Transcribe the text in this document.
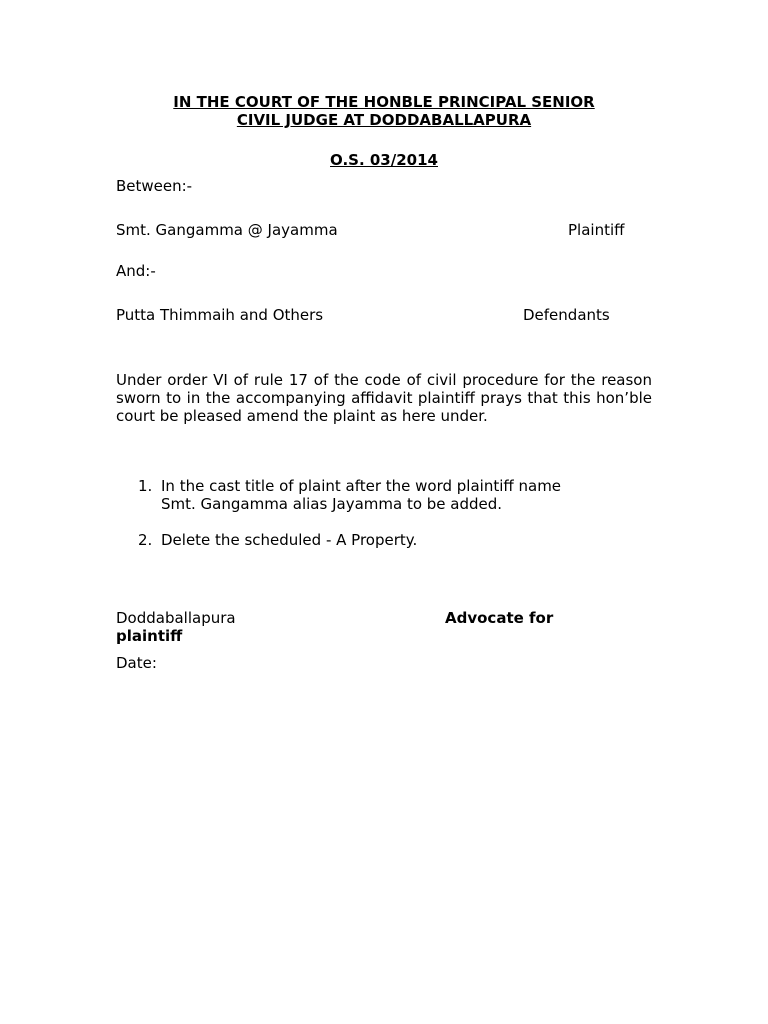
IN THE COURT OF THE HONBLE PRINCIPAL SENIOR
CIVIL JUDGE AT DODDABALLAPURA
O.S. 03/2014
Between:-
Smt. Gangamma @ Jayamma	Plaintiff
And:-
Putta Thimmaih and Others	Defendants
Under order VI of rule 17 of the code of civil procedure for the reason sworn to in the accompanying affidavit plaintiff prays that this hon’ble court be pleased amend the plaint as here under.
1. In the cast title of plaint after the word plaintiff name
Smt. Gangamma alias Jayamma to be added.
2. Delete the scheduled - A Property.
Doddaballapura	Advocate for
plaintiff
Date:
